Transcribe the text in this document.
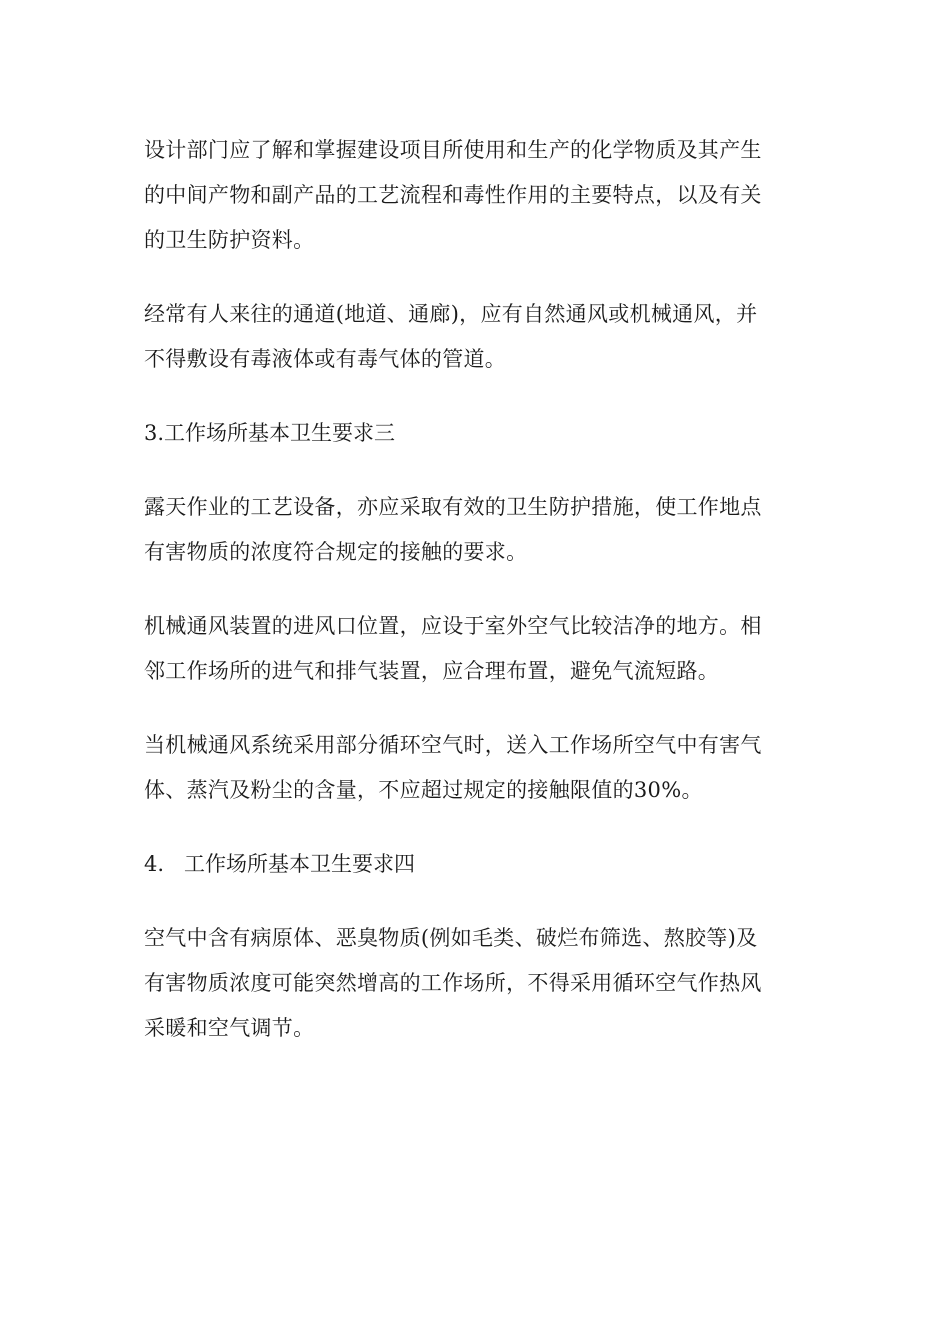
设计部门应了解和掌握建设项目所使用和生产的化学物质及其产生
的中间产物和副产品的工艺流程和毒性作用的主要特点，以及有关
的卫生防护资料。

经常有人来往的通道(地道、通廊)，应有自然通风或机械通风，并
不得敷设有毒液体或有毒气体的管道。

3.工作场所基本卫生要求三

露天作业的工艺设备，亦应采取有效的卫生防护措施，使工作地点
有害物质的浓度符合规定的接触的要求。

机械通风装置的进风口位置，应设于室外空气比较洁净的地方。相
邻工作场所的进气和排气装置，应合理布置，避免气流短路。

当机械通风系统采用部分循环空气时，送入工作场所空气中有害气
体、蒸汽及粉尘的含量，不应超过规定的接触限值的30%。

4.   工作场所基本卫生要求四

空气中含有病原体、恶臭物质(例如毛类、破烂布筛选、熬胶等)及
有害物质浓度可能突然增高的工作场所，不得采用循环空气作热风
采暖和空气调节。
